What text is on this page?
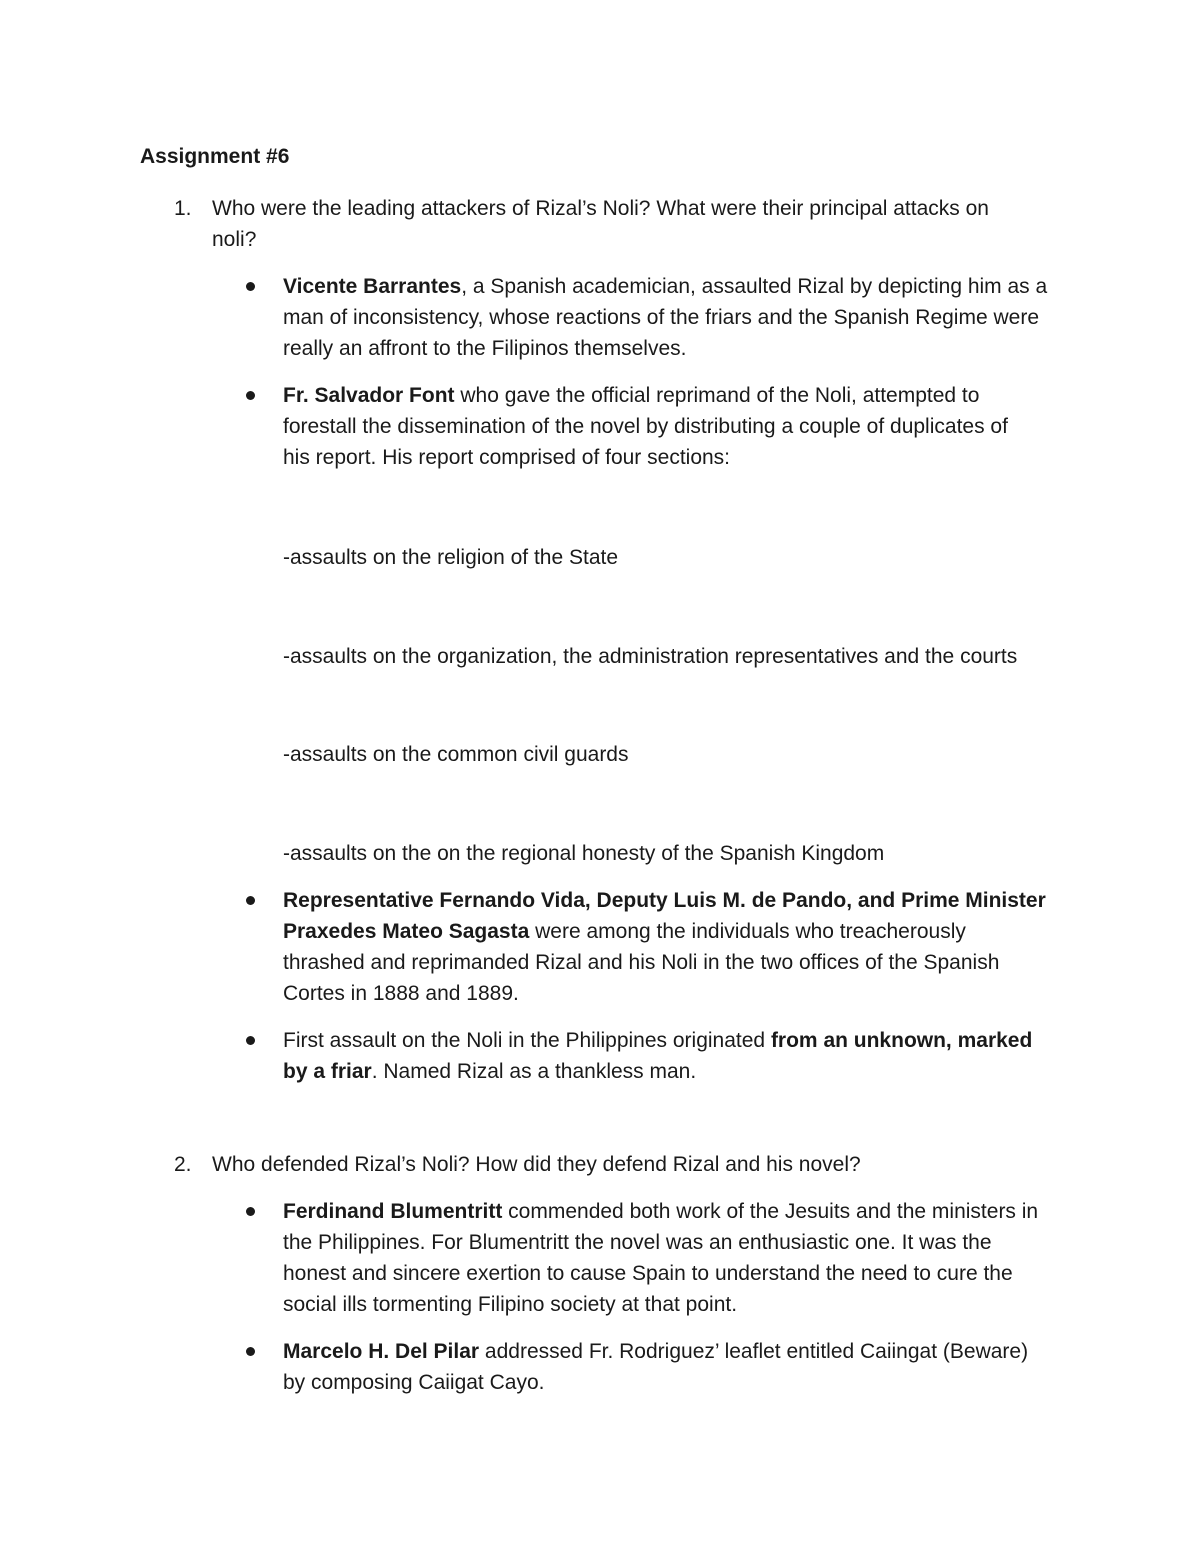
Assignment #6
1. Who were the leading attackers of Rizal’s Noli? What were their principal attacks on
noli?
Vicente Barrantes, a Spanish academician, assaulted Rizal by depicting him as a
man of inconsistency, whose reactions of the friars and the Spanish Regime were
really an affront to the Filipinos themselves.
Fr. Salvador Font who gave the official reprimand of the Noli, attempted to
forestall the dissemination of the novel by distributing a couple of duplicates of
his report. His report comprised of four sections:
-assaults on the religion of the State
-assaults on the organization, the administration representatives and the courts
-assaults on the common civil guards
-assaults on the on the regional honesty of the Spanish Kingdom
Representative Fernando Vida, Deputy Luis M. de Pando, and Prime Minister
Praxedes Mateo Sagasta were among the individuals who treacherously
thrashed and reprimanded Rizal and his Noli in the two offices of the Spanish
Cortes in 1888 and 1889.
First assault on the Noli in the Philippines originated from an unknown, marked
by a friar. Named Rizal as a thankless man.
2. Who defended Rizal’s Noli? How did they defend Rizal and his novel?
Ferdinand Blumentritt commended both work of the Jesuits and the ministers in
the Philippines. For Blumentritt the novel was an enthusiastic one. It was the
honest and sincere exertion to cause Spain to understand the need to cure the
social ills tormenting Filipino society at that point.
Marcelo H. Del Pilar addressed Fr. Rodriguez’ leaflet entitled Caiingat (Beware)
by composing Caiigat Cayo.
